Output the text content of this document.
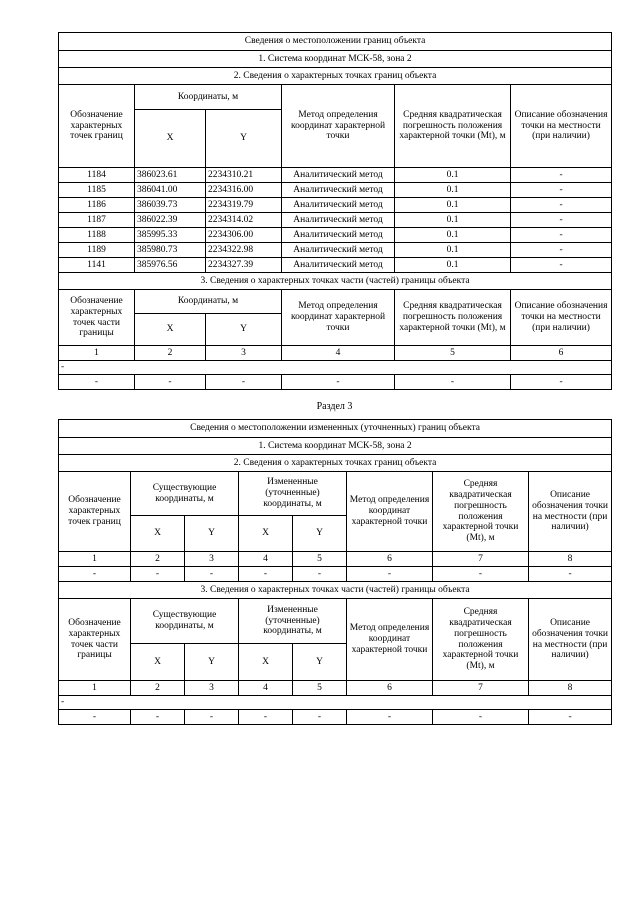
Сведения о местоположении границ объекта					
1. Система координат МСК-58, зона 2					
2. Сведения о характерных точках границ объекта					
Обозначение характерных точек границ	Координаты, м		Метод определения координат характерной точки	Средняя квадратическая погрешность положения характерной точки (Mt), м	Описание обозначения точки на местности (при наличии)
	X	Y			
1184	386023.61	2234310.21	Аналитический метод	0.1	-
1185	386041.00	2234316.00	Аналитический метод	0.1	-
1186	386039.73	2234319.79	Аналитический метод	0.1	-
1187	386022.39	2234314.02	Аналитический метод	0.1	-
1188	385995.33	2234306.00	Аналитический метод	0.1	-
1189	385980.73	2234322.98	Аналитический метод	0.1	-
1141	385976.56	2234327.39	Аналитический метод	0.1	-
3. Сведения о характерных точках части (частей) границы объекта					
Обозначение характерных точек части границы	Координаты, м		Метод определения координат характерной точки	Средняя квадратическая погрешность положения характерной точки (Mt), м	Описание обозначения точки на местности (при наличии)
	X	Y			
1	2	3	4	5	6
-					
-	-	-	-	-	-
Раздел 3
Сведения о местоположении измененных (уточненных) границ объекта							
1. Система координат МСК-58, зона 2							
2. Сведения о характерных точках границ объекта							
Обозначение характерных точек границ	Существующие координаты, м		Измененные (уточненные) координаты, м		Метод определения координат характерной точки	Средняя квадратическая погрешность положения характерной точки (Mt), м	Описание обозначения точки на местности (при наличии)
	X	Y	X	Y			
1	2	3	4	5	6	7	8
-	-	-	-	-	-	-	-
3. Сведения о характерных точках части (частей) границы объекта							
Обозначение характерных точек части границы	Существующие координаты, м		Измененные (уточненные) координаты, м		Метод определения координат характерной точки	Средняя квадратическая погрешность положения характерной точки (Mt), м	Описание обозначения точки на местности (при наличии)
	X	Y	X	Y			
1	2	3	4	5	6	7	8
-							
-	-	-	-	-	-	-	-
